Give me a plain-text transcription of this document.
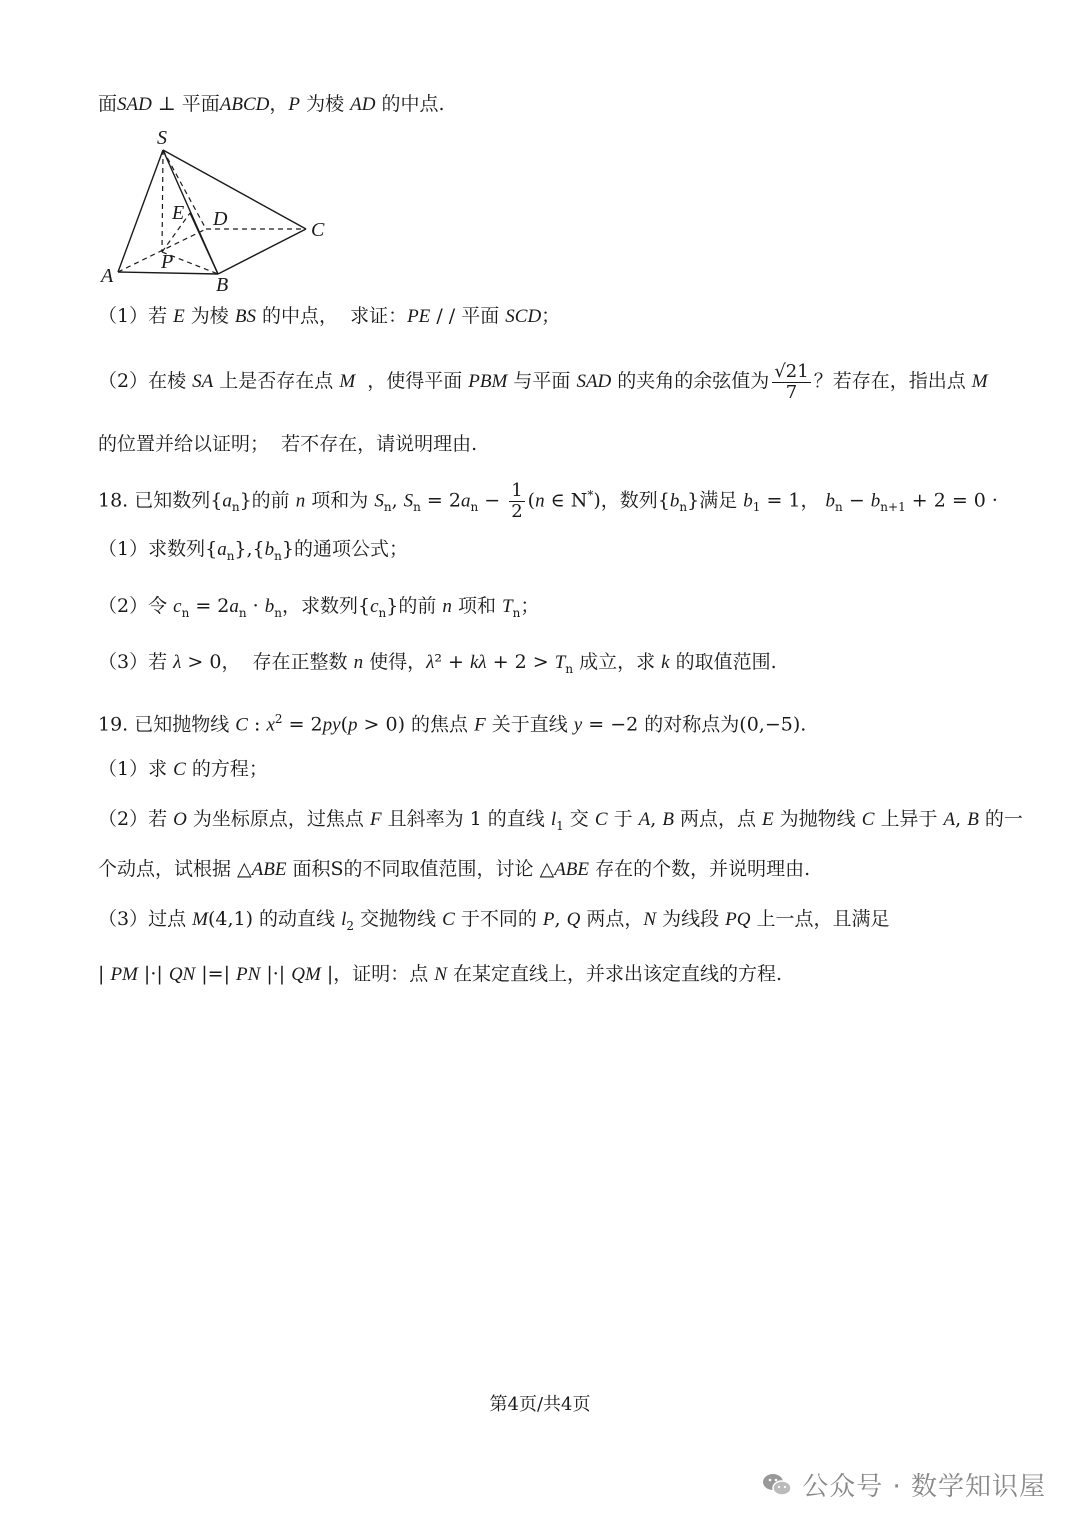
面SAD ⊥ 平面ABCD，P 为棱 AD 的中点.
S
E D	C
A
P
B
（1）若 E 为棱 BS 的中点，  求证：PE / / 平面 SCD；
（2）在棱 SA 上是否存在点 M  ，使得平面 PBM 与平面 SAD 的夹角的余弦值为 $\frac{√21}{7}$ ？若存在，指出点 M
的位置并给以证明；  若不存在，请说明理由.
18. 已知数列$\{a_n\}$的前 n 项和为 $S_n$, $S_n = 2a_n - \frac{1}{2} (n$ ∈ N*)，数列$\{b_n\}$满足 $b_1 = 1$， $b_n - b_{n+1} + 2 = 0$ ·
（1）求数列$\{a_n\},\{b_n\}$的通项公式；
（2）令 $c_n = 2a_n \cdot b_n$，求数列$\{c_n\}$的前 n 项和 $T_n$；
（3）若 λ > 0，  存在正整数 n 使得，$\lambda^2 + k\lambda + 2 > T_n$ 成立，求 k 的取值范围.
19. 已知抛物线 C : $x^2 = 2py(p > 0)$ 的焦点 F 关于直线 y = −2 的对称点为(0,−5).
（1）求 C 的方程；
（2）若 O 为坐标原点，过焦点 F 且斜率为 1 的直线 $l_1$ 交 C 于 A, B 两点，点 E 为抛物线 C 上异于 A, B 的一
个动点，试根据 △ABE 面积S的不同取值范围，讨论 △ABE 存在的个数，并说明理由.
（3）过点 M(4,1) 的动直线 $l_2$ 交抛物线 C 于不同的 P, Q 两点，N 为线段 PQ 上一点，且满足
| PM |·| QN |=| PN |·| QM |，证明：点 N 在某定直线上，并求出该定直线的方程.
第4页/共4页
公众号 · 数学知识屋
